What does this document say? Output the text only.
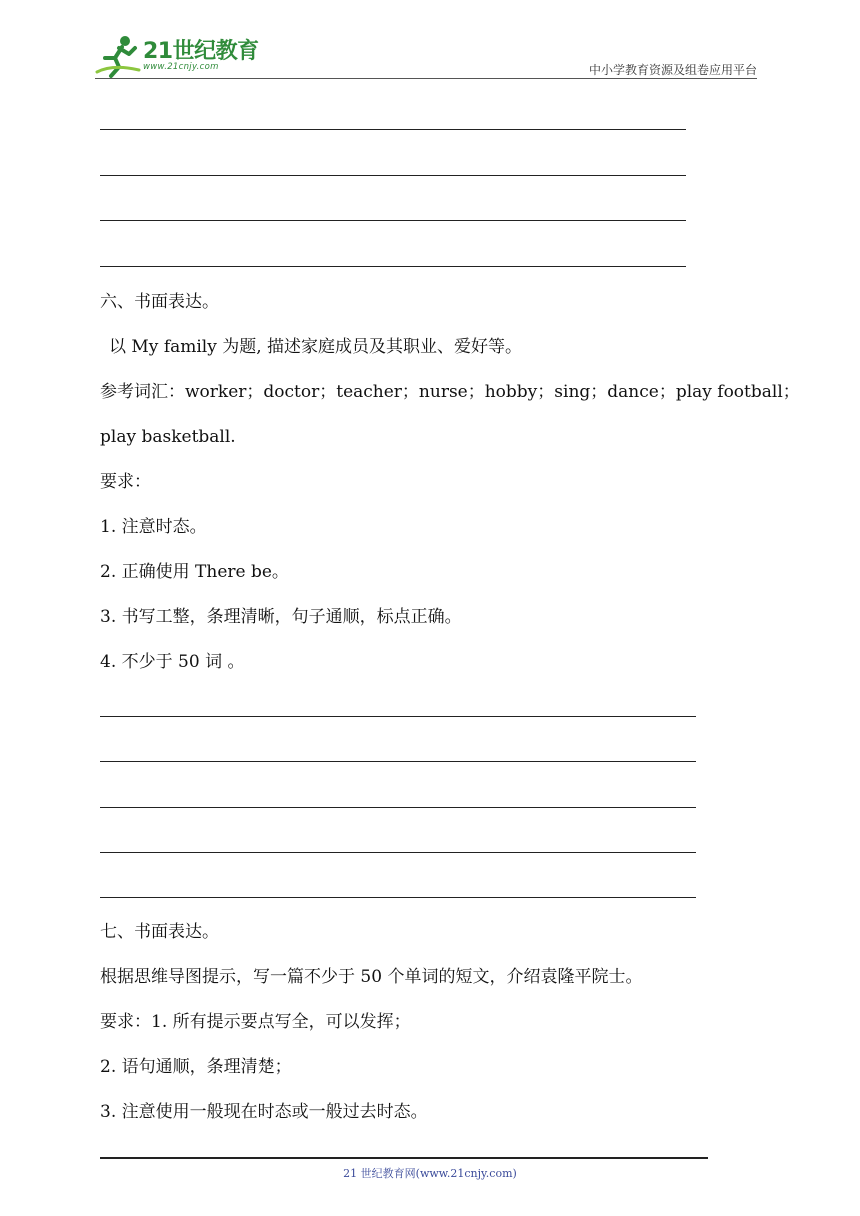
21世纪教育
www.21cnjy.com	中小学教育资源及组卷应用平台
六、书面表达。
以 My family 为题, 描述家庭成员及其职业、爱好等。
参考词汇：worker；doctor；teacher；nurse；hobby；sing；dance；play football；
play basketball.
要求：
1. 注意时态。
2. 正确使用 There be。
3. 书写工整，条理清晰，句子通顺，标点正确。
4. 不少于 50 词 。
七、书面表达。
根据思维导图提示，写一篇不少于 50 个单词的短文，介绍袁隆平院士。
要求：1. 所有提示要点写全，可以发挥；
2. 语句通顺，条理清楚；
3. 注意使用一般现在时态或一般过去时态。
21 世纪教育网(www.21cnjy.com)
